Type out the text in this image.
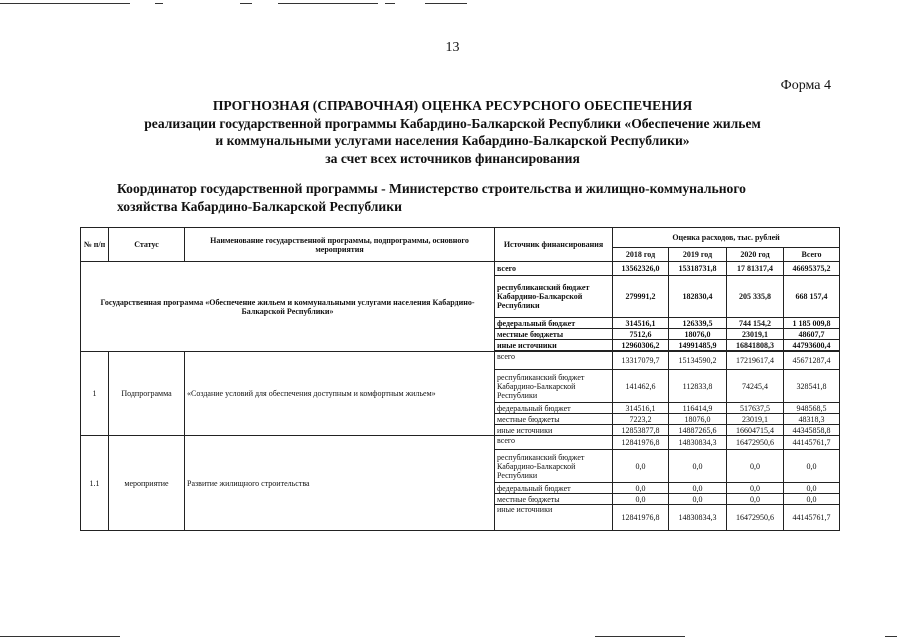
13
Форма 4
ПРОГНОЗНАЯ (СПРАВОЧНАЯ) ОЦЕНКА РЕСУРСНОГО ОБЕСПЕЧЕНИЯ
реализации государственной программы Кабардино-Балкарской Республики «Обеспечение жильем
и коммунальными услугами населения Кабардино-Балкарской Республики»
за счет всех источников финансирования
Координатор государственной программы - Министерство строительства и жилищно-коммунального
хозяйства Кабардино-Балкарской Республики
№ п/п	Статус	Наименование государственной программы, подпрограммы, основного мероприятия	Источник финансирования	Оценка расходов, тыс. рублей			
				2018 год	2019 год	2020 год	Всего
Государственная программа «Обеспечение жильем и коммунальными услугами населения Кабардино-Балкарской Республики»			всего	13562326,0	15318731,8	17 81317,4	46695375,2
			республиканский бюджет Кабардино-Балкарской Республики	279991,2	182830,4	205 335,8	668 157,4
			федеральный бюджет	314516,1	126339,5	744 154,2	1 185 009,8
			местные бюджеты	7512,6	18076,0	23019,1	48607,7
			иные источники	12960306,2	14991485,9	16841808,3	44793600,4

1	Подпрограмма	«Создание условий для обеспечения доступным и комфортным жильем»	всего	13317079,7	15134590,2	17219617,4	45671287,4
			республиканский бюджет Кабардино-Балкарской Республики	141462,6	112833,8	74245,4	328541,8
			федеральный бюджет	314516,1	116414,9	517637,5	948568,5
			местные бюджеты	7223,2	18076,0	23019,1	48318,3
			иные источники	12853877,8	14887265,6	16604715,4	44345858,8
1.1	мероприятие	Развитие жилищного строительства	всего	12841976,8	14830834,3	16472950,6	44145761,7
			республиканский бюджет Кабардино-Балкарской Республики	0,0	0,0	0,0	0,0
			федеральный бюджет	0,0	0,0	0,0	0,0
			местные бюджеты	0,0	0,0	0,0	0,0
			иные источники	12841976,8	14830834,3	16472950,6	44145761,7
